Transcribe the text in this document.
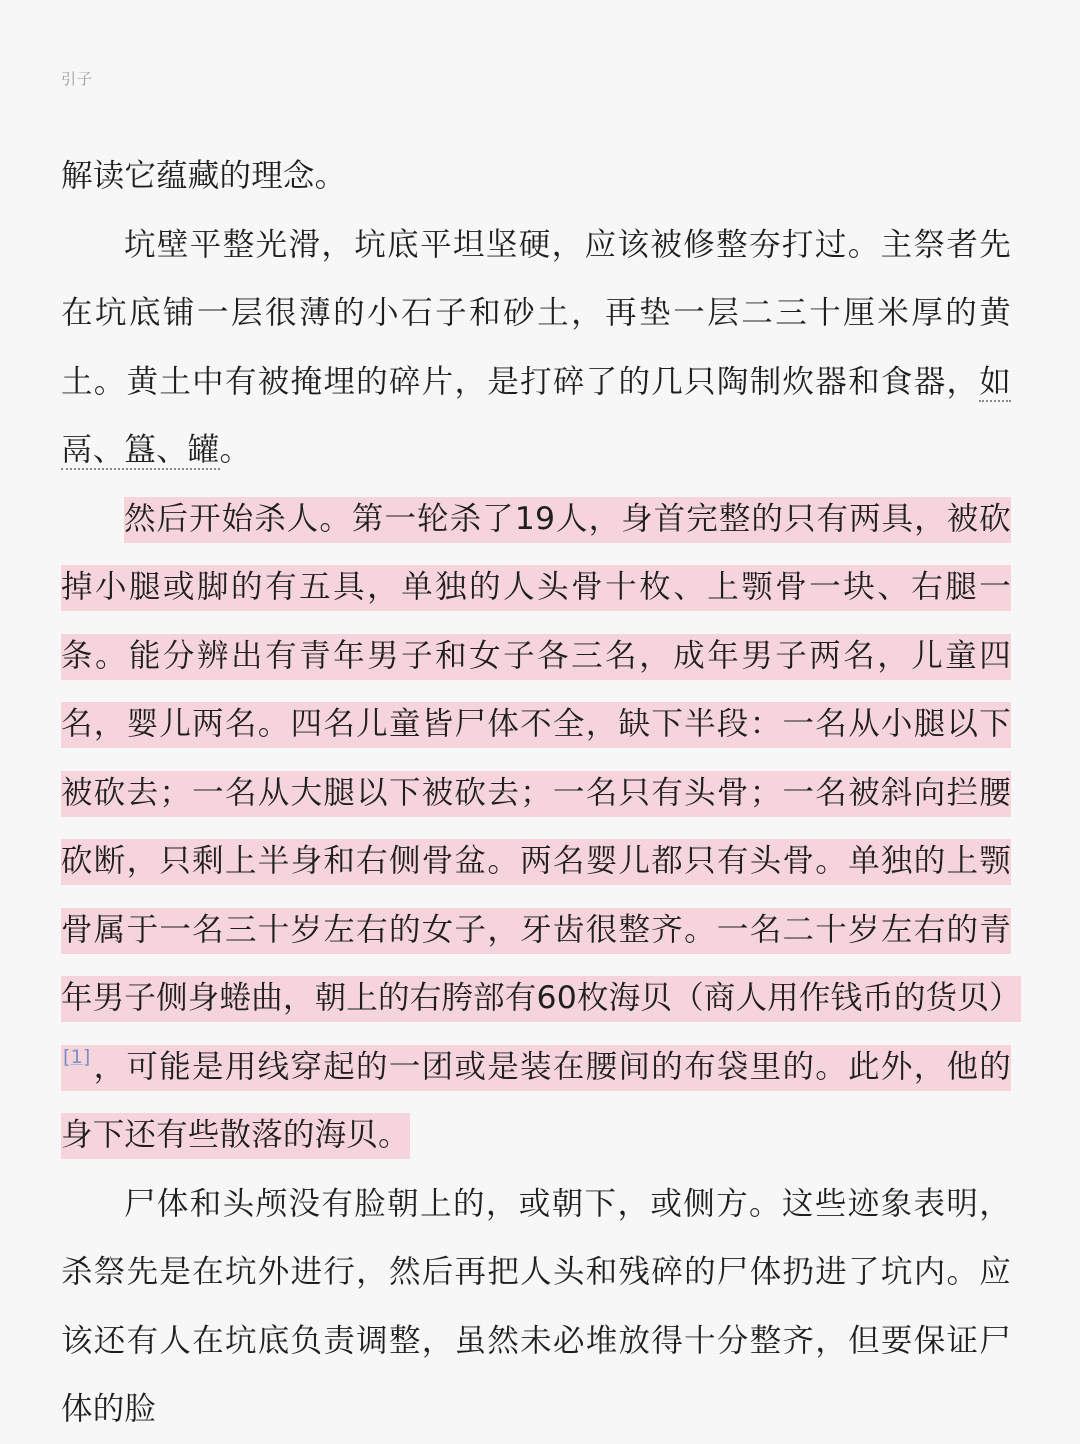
引子

解读它蕴藏的理念。

坑壁平整光滑，坑底平坦坚硬，应该被修整夯打过。主祭者先在坑底铺一层很薄的小石子和砂土，再垫一层二三十厘米厚的黄土。黄土中有被掩埋的碎片，是打碎了的几只陶制炊器和食器，如鬲、簋、罐。

然后开始杀人。第一轮杀了19人，身首完整的只有两具，被砍掉小腿或脚的有五具，单独的人头骨十枚、上颚骨一块、右腿一条。能分辨出有青年男子和女子各三名，成年男子两名，儿童四名，婴儿两名。四名儿童皆尸体不全，缺下半段：一名从小腿以下被砍去；一名从大腿以下被砍去；一名只有头骨；一名被斜向拦腰砍断，只剩上半身和右侧骨盆。两名婴儿都只有头骨。单独的上颚骨属于一名三十岁左右的女子，牙齿很整齐。一名二十岁左右的青年男子侧身蜷曲，朝上的右胯部有60枚海贝（商人用作钱币的货贝）[1]，可能是用线穿起的一团或是装在腰间的布袋里的。此外，他的身下还有些散落的海贝。

尸体和头颅没有脸朝上的，或朝下，或侧方。这些迹象表明，杀祭先是在坑外进行，然后再把人头和残碎的尸体扔进了坑内。应该还有人在坑底负责调整，虽然未必堆放得十分整齐，但要保证尸体的脸
